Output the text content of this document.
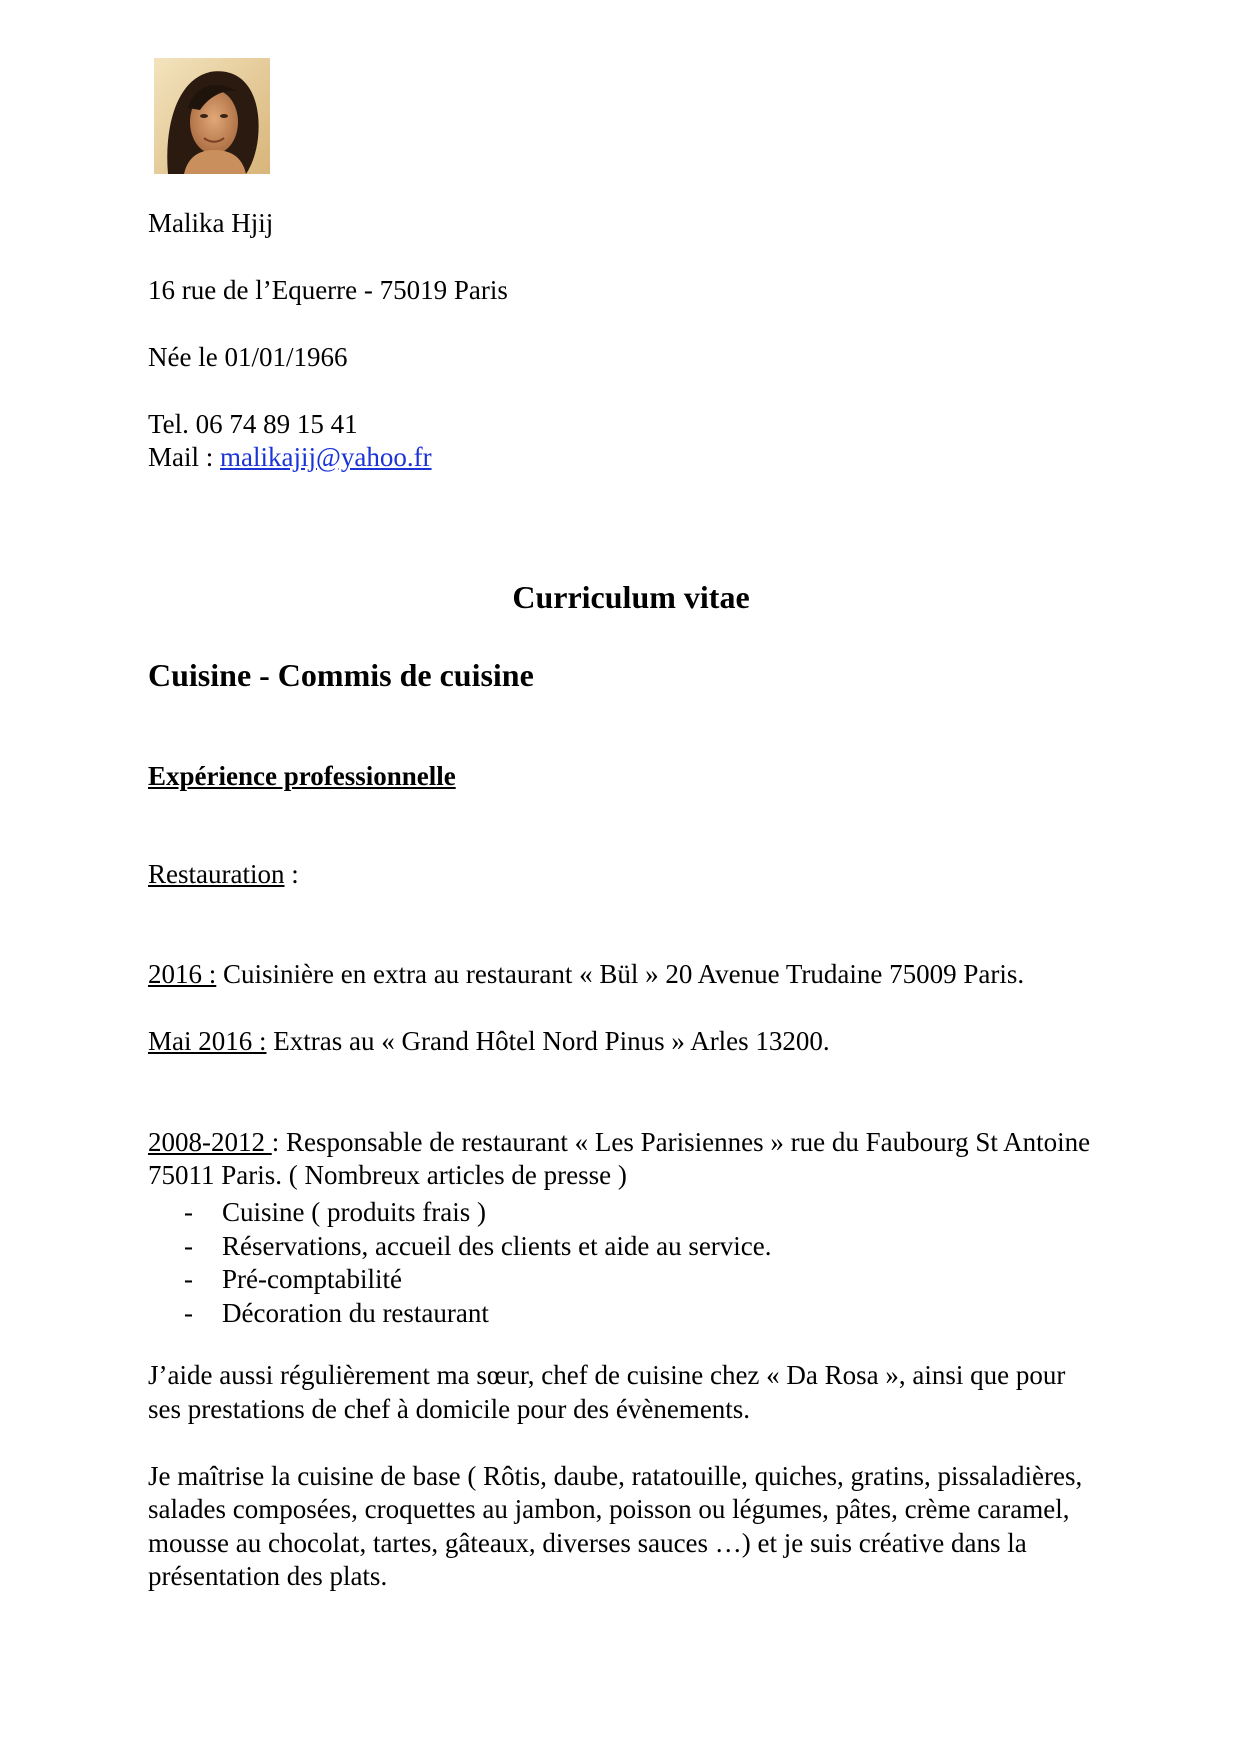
Malika Hjij
16 rue de l’Equerre - 75019 Paris
Née le 01/01/1966
Tel. 06 74 89 15 41
Mail : malikajij@yahoo.fr
Curriculum vitae
Cuisine - Commis de cuisine
Expérience professionnelle
Restauration :
2016 : Cuisinière en extra au restaurant « Bül » 20 Avenue Trudaine 75009 Paris.
Mai 2016 : Extras au « Grand Hôtel Nord Pinus » Arles 13200.
2008-2012 : Responsable de restaurant « Les Parisiennes » rue du Faubourg St Antoine
75011 Paris. ( Nombreux articles de presse )
- Cuisine ( produits frais )
- Réservations, accueil des clients et aide au service.
- Pré-comptabilité
- Décoration du restaurant
J’aide aussi régulièrement ma sœur, chef de cuisine chez « Da Rosa », ainsi que pour
ses prestations de chef à domicile pour des évènements.
Je maîtrise la cuisine de base ( Rôtis, daube, ratatouille, quiches, gratins, pissaladières,
salades composées, croquettes au jambon, poisson ou légumes, pâtes, crème caramel,
mousse au chocolat, tartes, gâteaux, diverses sauces …) et je suis créative dans la
présentation des plats.
